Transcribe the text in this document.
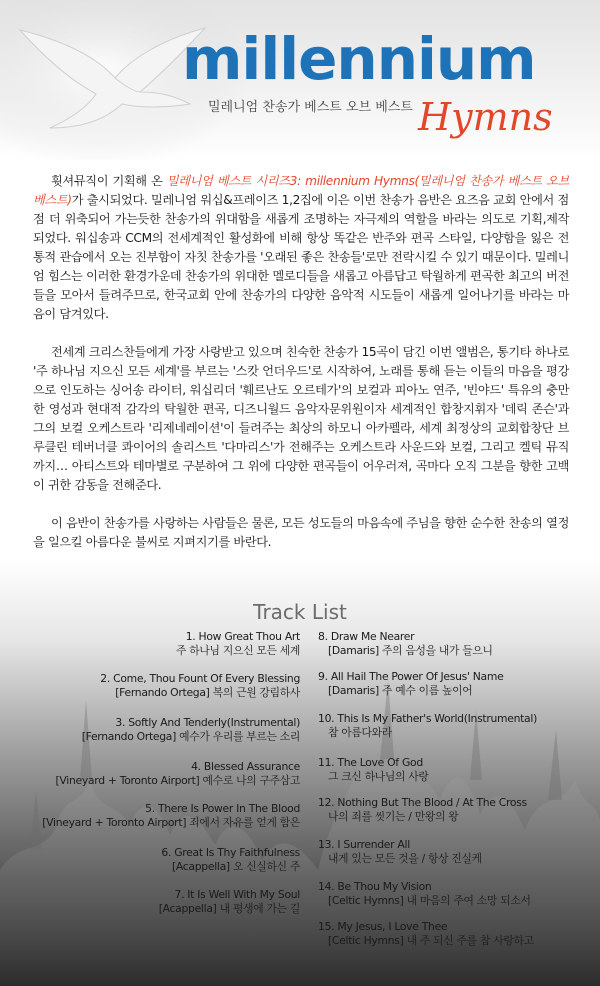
millennium
밀레니엄 찬송가 베스트 오브 베스트 Hymns

휫셔뮤직이 기획해 온 밀레니엄 베스트 시리즈3: millennium Hymns(밀레니엄 찬송가 베스트 오브 베스트)가 출시되었다. 밀레니엄 워십&프레이즈 1,2집에 이은 이번 찬송가 음반은 요즈음 교회 안에서 점점 더 위축되어 가는듯한 찬송가의 위대함을 새롭게 조명하는 자극제의 역할을 바라는 의도로 기획,제작되었다. 워십송과 CCM의 전세계적인 활성화에 비해 항상 똑같은 반주와 편곡 스타일, 다양함을 잃은 전통적 관습에서 오는 진부함이 자칫 찬송가를 '오래된 좋은 찬송들'로만 전락시킬 수 있기 때문이다. 밀레니엄 힘스는 이러한 환경가운데 찬송가의 위대한 멜로디들을 새롭고 아름답고 탁월하게 편곡한 최고의 버전들을 모아서 들려주므로, 한국교회 안에 찬송가의 다양한 음악적 시도들이 새롭게 일어나기를 바라는 마음이 담겨있다.

전세계 크리스찬들에게 가장 사랑받고 있으며 친숙한 찬송가 15곡이 담긴 이번 앨범은, 통기타 하나로 '주 하나님 지으신 모든 세계'를 부르는 '스캇 언더우드'로 시작하여, 노래를 통해 듣는 이들의 마음을 평강으로 인도하는 싱어송 라이터, 워십리더 '훼르난도 오르테가'의 보컬과 피아노 연주, '빈야드' 특유의 충만한 영성과 현대적 감각의 탁월한 편곡, 디즈니월드 음악자문위원이자 세계적인 합창지휘자 '데릭 존슨'과 그의 보컬 오케스트라 '리제네레이션'이 들려주는 최상의 하모니 아카펠라, 세계 최정상의 교회합창단 브루클린 테버너클 콰이어의 솔리스트 '다마리스'가 전해주는 오케스트라 사운드와 보컬, 그리고 켈틱 뮤직까지… 아티스트와 테마별로 구분하여 그 위에 다양한 편곡들이 어우러져, 곡마다 오직 그분을 향한 고백이 귀한 감동을 전해준다.

이 음반이 찬송가를 사랑하는 사람들은 물론, 모든 성도들의 마음속에 주님을 향한 순수한 찬송의 열정을 일으킬 아름다운 불씨로 지펴지기를 바란다.

Track List
1. How Great Thou Art
주 하나님 지으신 모든 세계
2. Come, Thou Fount Of Every Blessing
[Fernando Ortega] 복의 근원 강림하사
3. Softly And Tenderly(Instrumental)
[Fernando Ortega] 예수가 우리를 부르는 소리
4. Blessed Assurance
[Vineyard + Toronto Airport] 예수로 나의 구주삼고
5. There Is Power In The Blood
[Vineyard + Toronto Airport] 죄에서 자유를 얻게 함은
6. Great Is Thy Faithfulness
[Acappella] 오 신실하신 주
7. It Is Well With My Soul
[Acappella] 내 평생에 가는 길
8. Draw Me Nearer
[Damaris] 주의 음성을 내가 들으니
9. All Hail The Power Of Jesus' Name
[Damaris] 주 예수 이름 높이어
10. This Is My Father's World(Instrumental)
참 아름다와라
11. The Love Of God
그 크신 하나님의 사랑
12. Nothing But The Blood / At The Cross
나의 죄를 씻기는 / 만왕의 왕
13. I Surrender All
내게 있는 모든 것을 / 항상 진실케
14. Be Thou My Vision
[Celtic Hymns] 내 마음의 주여 소망 되소서
15. My Jesus, I Love Thee
[Celtic Hymns] 내 주 되신 주를 참 사랑하고
